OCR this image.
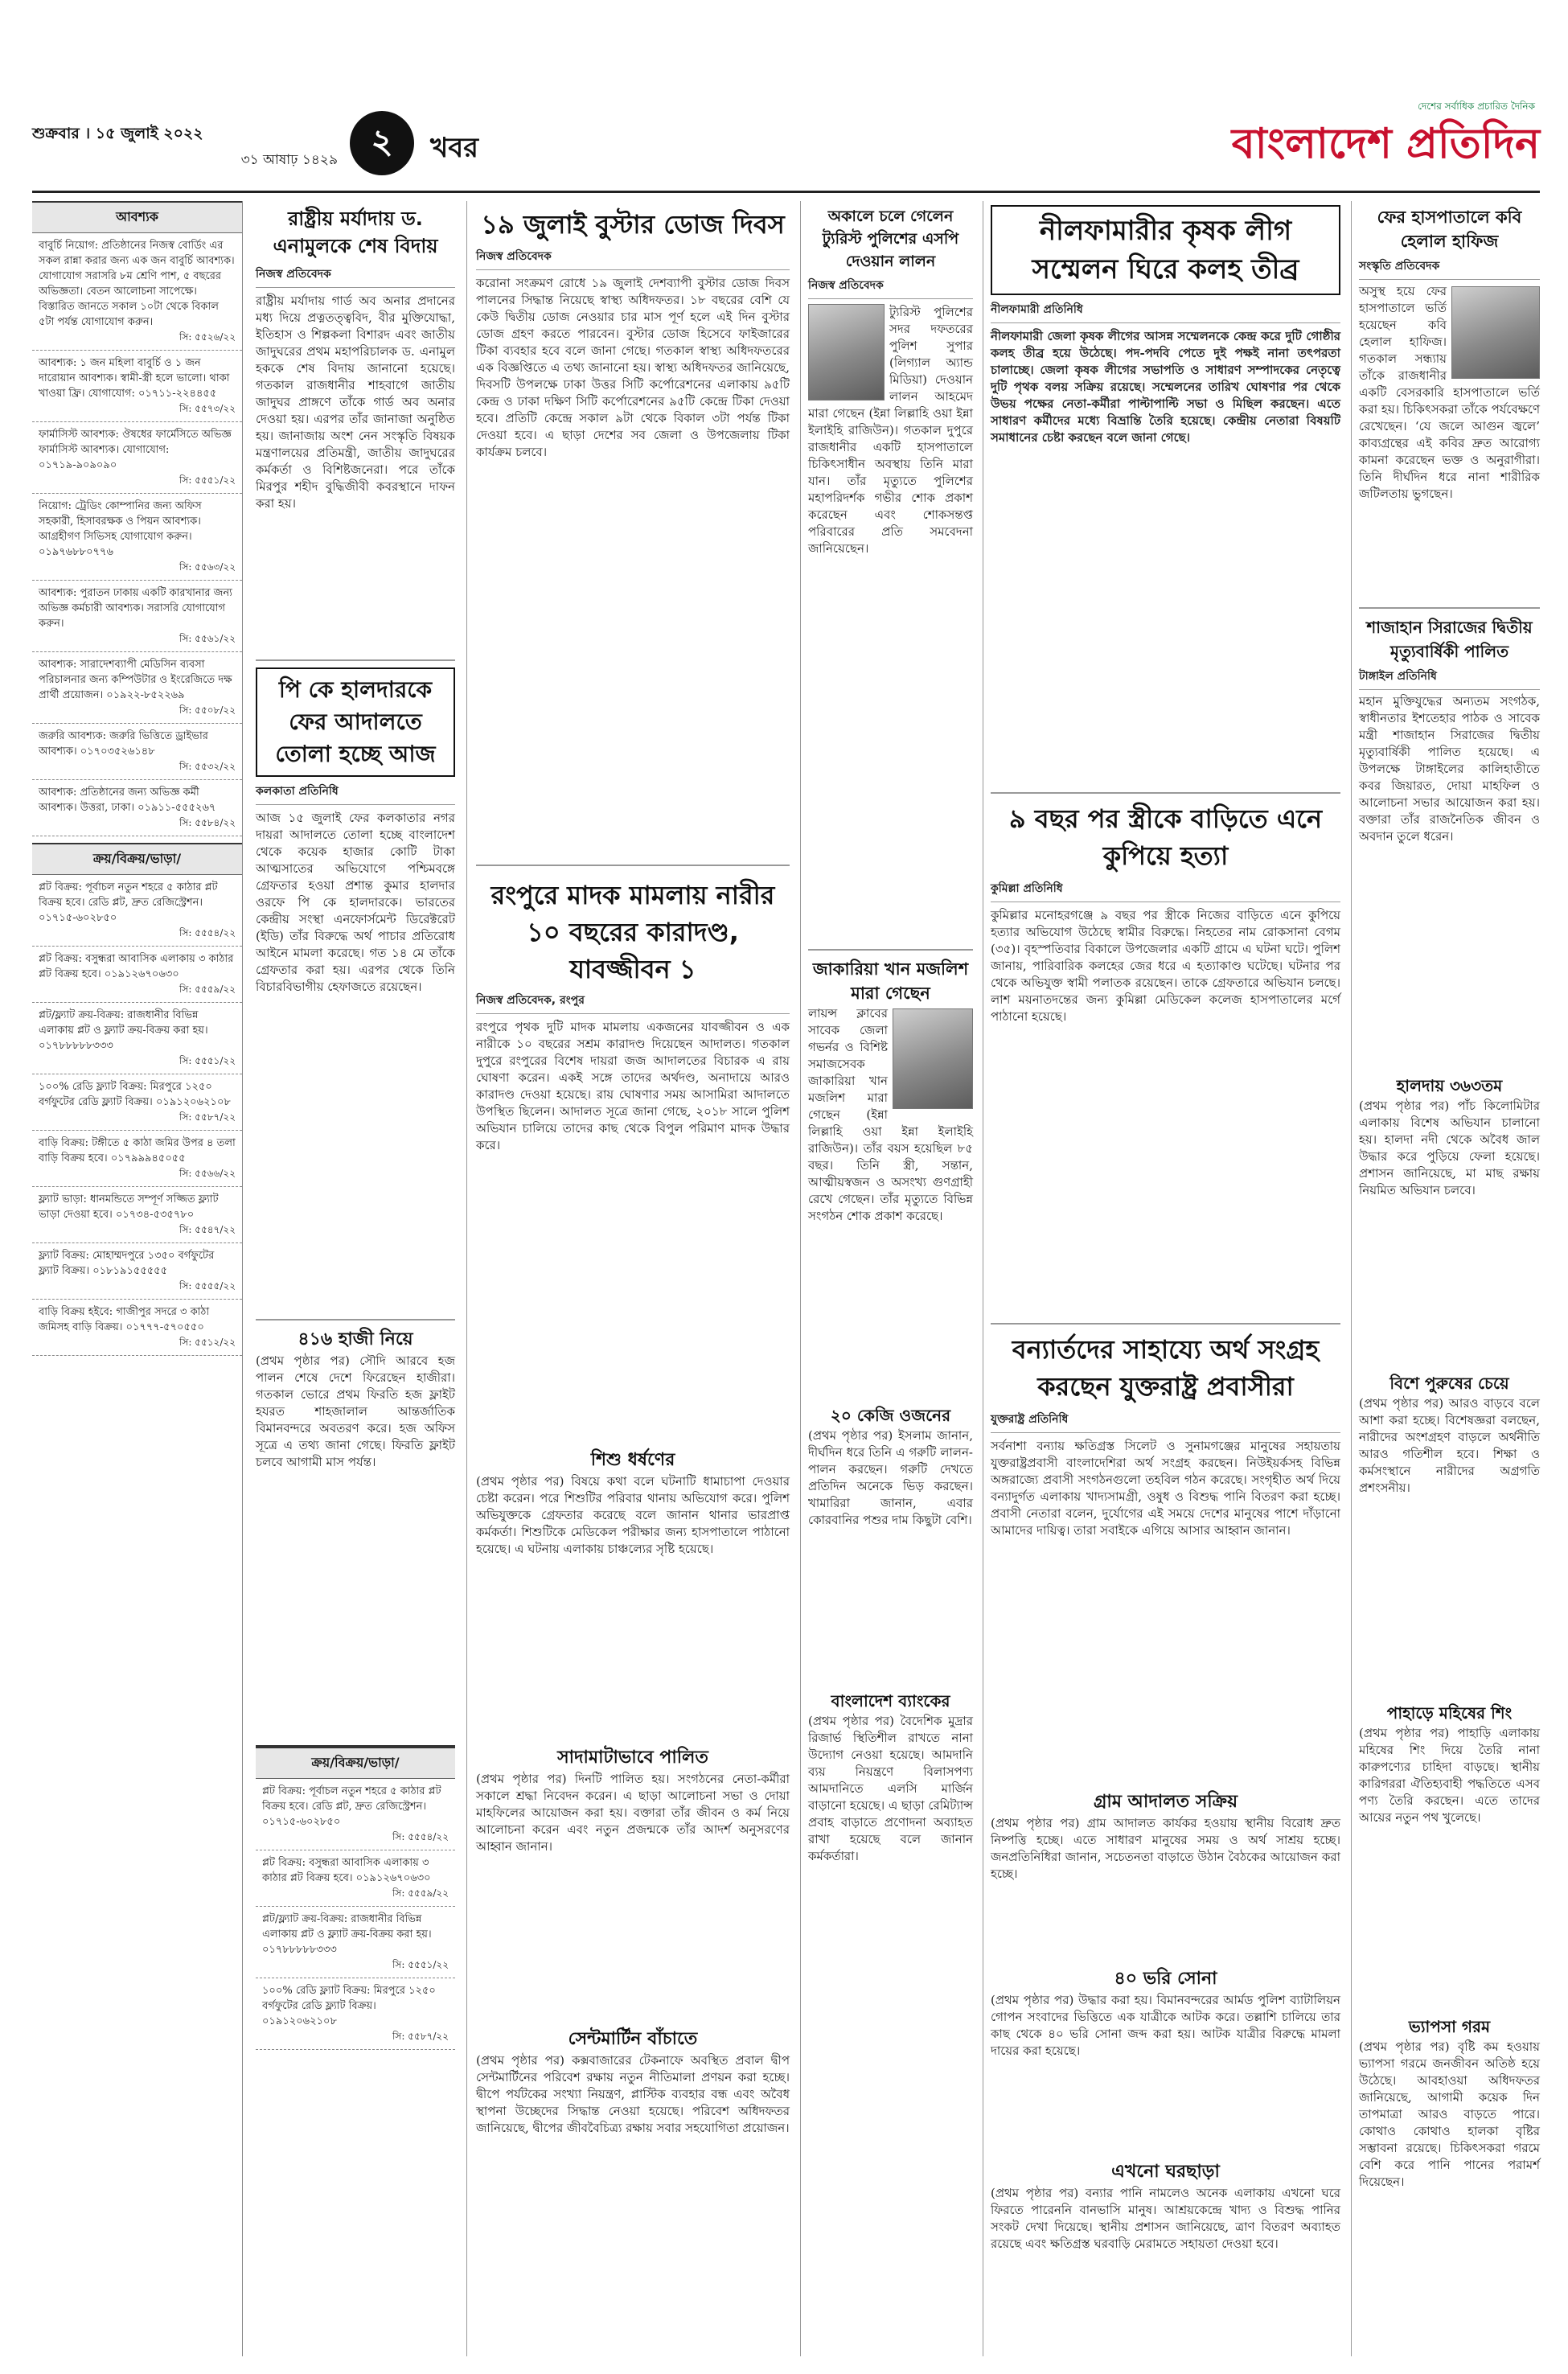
শুক্রবার । ১৫ জুলাই ২০২২
৩১ আষাঢ় ১৪২৯ ২ খবর
দেশের সর্বাধিক প্রচারিত দৈনিক
বাংলাদেশ প্রতিদিন
আবশ্যক
বাবুর্চি নিয়োগ: প্রতিষ্ঠানের নিজস্ব বোর্ডিং এর সকল রান্না করার জন্য এক জন বাবুর্চি আবশ্যক। যোগাযোগ সরাসরি ৮ম শ্রেণি পাশ, ৫ বছরের অভিজ্ঞতা। বেতন আলোচনা সাপেক্ষে। বিস্তারিত জানতে সকাল ১০টা থেকে বিকাল ৫টা পর্যন্ত যোগাযোগ করুন।
সি: ৫৫২৬/২২
আবশ্যক: ১ জন মহিলা বাবুর্চি ও ১ জন দারোয়ান আবশ্যক। স্বামী-স্ত্রী হলে ভালো। থাকা খাওয়া ফ্রি। যোগাযোগ: ০১৭১১-২২৪৪৫৫
সি: ৫৫৭৩/২২
ফার্মাসিস্ট আবশ্যক: ঔষধের ফার্মেসিতে অভিজ্ঞ ফার্মাসিস্ট আবশ্যক। যোগাযোগ: ০১৭১৯-৯০৯০৯০
সি: ৫৫৫১/২২
নিয়োগ: ট্রেডিং কোম্পানির জন্য অফিস সহকারী, হিসাবরক্ষক ও পিয়ন আবশ্যক। আগ্রহীগণ সিভিসহ যোগাযোগ করুন। ০১৯৭৬৮৮০৭৭৬
সি: ৫৫৬৩/২২
আবশ্যক: পুরাতন ঢাকায় একটি কারখানার জন্য অভিজ্ঞ কর্মচারী আবশ্যক। সরাসরি যোগাযোগ করুন।
সি: ৫৫৬১/২২
আবশ্যক: সারাদেশব্যাপী মেডিসিন ব্যবসা পরিচালনার জন্য কম্পিউটার ও ইংরেজিতে দক্ষ প্রার্থী প্রয়োজন। ০১৯২২-৮৫২২৬৯
সি: ৫৫০৮/২২
জরুরি আবশ্যক: জরুরি ভিত্তিতে ড্রাইভার আবশ্যক। ০১৭০৩৫২৬১৪৮
সি: ৫৫৩২/২২
আবশ্যক: প্রতিষ্ঠানের জন্য অভিজ্ঞ কর্মী আবশ্যক। উত্তরা, ঢাকা। ০১৯১১-৫৫৫২৬৭
সি: ৫৫৮৪/২২
ক্রয়/বিক্রয়/ভাড়া/
প্লট বিক্রয়: পূর্বাচল নতুন শহরে ৫ কাঠার প্লট বিক্রয় হবে। রেডি প্লট, দ্রুত রেজিস্ট্রেশন। ০১৭১৫-৬০২৮৫০
সি: ৫৫৫৪/২২
প্লট বিক্রয়: বসুন্ধরা আবাসিক এলাকায় ৩ কাঠার প্লট বিক্রয় হবে। ০১৯১২৬৭০৬৩০
সি: ৫৫৫৯/২২
প্লট/ফ্ল্যাট ক্রয়-বিক্রয়: রাজধানীর বিভিন্ন এলাকায় প্লট ও ফ্ল্যাট ক্রয়-বিক্রয় করা হয়। ০১৭৮৮৮৮৮৩৩৩
সি: ৫৫৫১/২২
১০০% রেডি ফ্ল্যাট বিক্রয়: মিরপুরে ১২৫০ বর্গফুটের রেডি ফ্ল্যাট বিক্রয়। ০১৯১২০৬২১০৮
সি: ৫৫৮৭/২২
বাড়ি বিক্রয়: টঙ্গীতে ৫ কাঠা জমির উপর ৪ তলা বাড়ি বিক্রয় হবে। ০১৭৯৯৯৪৫০৫৫
সি: ৫৫৬৬/২২
ফ্ল্যাট ভাড়া: ধানমন্ডিতে সম্পূর্ণ সজ্জিত ফ্ল্যাট ভাড়া দেওয়া হবে। ০১৭৩৪-৫৩৫৭৮০
সি: ৫৫৪৭/২২
ফ্ল্যাট বিক্রয়: মোহাম্মদপুরে ১৩৫০ বর্গফুটের ফ্ল্যাট বিক্রয়। ০১৮১৯১৫৫৫৫৫
সি: ৫৫৫৫/২২
বাড়ি বিক্রয় হইবে: গাজীপুর সদরে ৩ কাঠা জমিসহ বাড়ি বিক্রয়। ০১৭৭৭-৫৭০৫৫০
সি: ৫৫১২/২২
রাষ্ট্রীয় মর্যাদায় ড. এনামুলকে শেষ বিদায়
নিজস্ব প্রতিবেদক
রাষ্ট্রীয় মর্যাদায় গার্ড অব অনার প্রদানের মধ্য দিয়ে প্রত্নতত্ত্ববিদ, বীর মুক্তিযোদ্ধা, ইতিহাস ও শিল্পকলা বিশারদ এবং জাতীয় জাদুঘরের প্রথম মহাপরিচালক ড. এনামুল হককে শেষ বিদায় জানানো হয়েছে। গতকাল রাজধানীর শাহবাগে জাতীয় জাদুঘর প্রাঙ্গণে তাঁকে গার্ড অব অনার দেওয়া হয়। এরপর তাঁর জানাজা অনুষ্ঠিত হয়। জানাজায় অংশ নেন সংস্কৃতি বিষয়ক মন্ত্রণালয়ের প্রতিমন্ত্রী, জাতীয় জাদুঘরের কর্মকর্তা ও বিশিষ্টজনেরা। পরে তাঁকে মিরপুর শহীদ বুদ্ধিজীবী কবরস্থানে দাফন করা হয়।
পি কে হালদারকে ফের আদালতে তোলা হচ্ছে আজ
কলকাতা প্রতিনিধি
আজ ১৫ জুলাই ফের কলকাতার নগর দায়রা আদালতে তোলা হচ্ছে বাংলাদেশ থেকে কয়েক হাজার কোটি টাকা আত্মসাতের অভিযোগে পশ্চিমবঙ্গে গ্রেফতার হওয়া প্রশান্ত কুমার হালদার ওরফে পি কে হালদারকে। ভারতের কেন্দ্রীয় সংস্থা এনফোর্সমেন্ট ডিরেক্টরেট (ইডি) তাঁর বিরুদ্ধে অর্থ পাচার প্রতিরোধ আইনে মামলা করেছে। গত ১৪ মে তাঁকে গ্রেফতার করা হয়। এরপর থেকে তিনি বিচারবিভাগীয় হেফাজতে রয়েছেন।
৪১৬ হাজী নিয়ে
(প্রথম পৃষ্ঠার পর) সৌদি আরবে হজ পালন শেষে দেশে ফিরেছেন হাজীরা। গতকাল ভোরে প্রথম ফিরতি হজ ফ্লাইট হযরত শাহজালাল আন্তর্জাতিক বিমানবন্দরে অবতরণ করে। হজ অফিস সূত্রে এ তথ্য জানা গেছে। ফিরতি ফ্লাইট চলবে আগামী মাস পর্যন্ত।
ক্রয়/বিক্রয়/ভাড়া/
প্লট বিক্রয়: পূর্বাচল নতুন শহরে ৫ কাঠার প্লট বিক্রয় হবে। রেডি প্লট, দ্রুত রেজিস্ট্রেশন। ০১৭১৫-৬০২৮৫০
সি: ৫৫৫৪/২২
প্লট বিক্রয়: বসুন্ধরা আবাসিক এলাকায় ৩ কাঠার প্লট বিক্রয় হবে। ০১৯১২৬৭০৬৩০
সি: ৫৫৫৯/২২
প্লট/ফ্ল্যাট ক্রয়-বিক্রয়: রাজধানীর বিভিন্ন এলাকায় প্লট ও ফ্ল্যাট ক্রয়-বিক্রয় করা হয়। ০১৭৮৮৮৮৮৩৩৩
সি: ৫৫৫১/২২
১০০% রেডি ফ্ল্যাট বিক্রয়: মিরপুরে ১২৫০ বর্গফুটের রেডি ফ্ল্যাট বিক্রয়। ০১৯১২০৬২১০৮
সি: ৫৫৮৭/২২
১৯ জুলাই বুস্টার ডোজ দিবস
নিজস্ব প্রতিবেদক
করোনা সংক্রমণ রোধে ১৯ জুলাই দেশব্যাপী বুস্টার ডোজ দিবস পালনের সিদ্ধান্ত নিয়েছে স্বাস্থ্য অধিদফতর। ১৮ বছরের বেশি যে কেউ দ্বিতীয় ডোজ নেওয়ার চার মাস পূর্ণ হলে এই দিন বুস্টার ডোজ গ্রহণ করতে পারবেন। বুস্টার ডোজ হিসেবে ফাইজারের টিকা ব্যবহার হবে বলে জানা গেছে। গতকাল স্বাস্থ্য অধিদফতরের এক বিজ্ঞপ্তিতে এ তথ্য জানানো হয়। স্বাস্থ্য অধিদফতর জানিয়েছে, দিবসটি উপলক্ষে ঢাকা উত্তর সিটি কর্পোরেশনের এলাকায় ৯৫টি কেন্দ্র ও ঢাকা দক্ষিণ সিটি কর্পোরেশনের ৯৫টি কেন্দ্রে টিকা দেওয়া হবে। প্রতিটি কেন্দ্রে সকাল ৯টা থেকে বিকাল ৩টা পর্যন্ত টিকা দেওয়া হবে। এ ছাড়া দেশের সব জেলা ও উপজেলায় টিকা কার্যক্রম চলবে।
রংপুরে মাদক মামলায় নারীর ১০ বছরের কারাদণ্ড, যাবজ্জীবন ১
নিজস্ব প্রতিবেদক, রংপুর
রংপুরে পৃথক দুটি মাদক মামলায় একজনের যাবজ্জীবন ও এক নারীকে ১০ বছরের সশ্রম কারাদণ্ড দিয়েছেন আদালত। গতকাল দুপুরে রংপুরের বিশেষ দায়রা জজ আদালতের বিচারক এ রায় ঘোষণা করেন। একই সঙ্গে তাদের অর্থদণ্ড, অনাদায়ে আরও কারাদণ্ড দেওয়া হয়েছে। রায় ঘোষণার সময় আসামিরা আদালতে উপস্থিত ছিলেন। আদালত সূত্রে জানা গেছে, ২০১৮ সালে পুলিশ অভিযান চালিয়ে তাদের কাছ থেকে বিপুল পরিমাণ মাদক উদ্ধার করে।
শিশু ধর্ষণের
(প্রথম পৃষ্ঠার পর) বিষয়ে কথা বলে ঘটনাটি ধামাচাপা দেওয়ার চেষ্টা করেন। পরে শিশুটির পরিবার থানায় অভিযোগ করে। পুলিশ অভিযুক্তকে গ্রেফতার করেছে বলে জানান থানার ভারপ্রাপ্ত কর্মকর্তা। শিশুটিকে মেডিকেল পরীক্ষার জন্য হাসপাতালে পাঠানো হয়েছে। এ ঘটনায় এলাকায় চাঞ্চল্যের সৃষ্টি হয়েছে।
সাদামাটাভাবে পালিত
(প্রথম পৃষ্ঠার পর) দিনটি পালিত হয়। সংগঠনের নেতা-কর্মীরা সকালে শ্রদ্ধা নিবেদন করেন। এ ছাড়া আলোচনা সভা ও দোয়া মাহফিলের আয়োজন করা হয়। বক্তারা তাঁর জীবন ও কর্ম নিয়ে আলোচনা করেন এবং নতুন প্রজন্মকে তাঁর আদর্শ অনুসরণের আহ্বান জানান।
সেন্টমার্টিন বাঁচাতে
(প্রথম পৃষ্ঠার পর) কক্সবাজারের টেকনাফে অবস্থিত প্রবাল দ্বীপ সেন্টমার্টিনের পরিবেশ রক্ষায় নতুন নীতিমালা প্রণয়ন করা হচ্ছে। দ্বীপে পর্যটকের সংখ্যা নিয়ন্ত্রণ, প্লাস্টিক ব্যবহার বন্ধ এবং অবৈধ স্থাপনা উচ্ছেদের সিদ্ধান্ত নেওয়া হয়েছে। পরিবেশ অধিদফতর জানিয়েছে, দ্বীপের জীববৈচিত্র্য রক্ষায় সবার সহযোগিতা প্রয়োজন।
অকালে চলে গেলেন ট্যুরিস্ট পুলিশের এসপি দেওয়ান লালন
নিজস্ব প্রতিবেদক
ট্যুরিস্ট পুলিশের সদর দফতরের পুলিশ সুপার (লিগ্যাল অ্যান্ড মিডিয়া) দেওয়ান লালন আহমেদ মারা গেছেন (ইন্না লিল্লাহি ওয়া ইন্না ইলাইহি রাজিউন)। গতকাল দুপুরে রাজধানীর একটি হাসপাতালে চিকিৎসাধীন অবস্থায় তিনি মারা যান। তাঁর মৃত্যুতে পুলিশের মহাপরিদর্শক গভীর শোক প্রকাশ করেছেন এবং শোকসন্তপ্ত পরিবারের প্রতি সমবেদনা জানিয়েছেন।
জাকারিয়া খান মজলিশ মারা গেছেন
লায়ন্স ক্লাবের সাবেক জেলা গভর্নর ও বিশিষ্ট সমাজসেবক জাকারিয়া খান মজলিশ মারা গেছেন (ইন্না লিল্লাহি ওয়া ইন্না ইলাইহি রাজিউন)। তাঁর বয়স হয়েছিল ৮৫ বছর। তিনি স্ত্রী, সন্তান, আত্মীয়স্বজন ও অসংখ্য গুণগ্রাহী রেখে গেছেন। তাঁর মৃত্যুতে বিভিন্ন সংগঠন শোক প্রকাশ করেছে।
২০ কেজি ওজনের
(প্রথম পৃষ্ঠার পর) ইসলাম জানান, দীর্ঘদিন ধরে তিনি এ গরুটি লালন-পালন করছেন। গরুটি দেখতে প্রতিদিন অনেকে ভিড় করছেন। খামারিরা জানান, এবার কোরবানির পশুর দাম কিছুটা বেশি।
বাংলাদেশ ব্যাংকের
(প্রথম পৃষ্ঠার পর) বৈদেশিক মুদ্রার রিজার্ভ স্থিতিশীল রাখতে নানা উদ্যোগ নেওয়া হয়েছে। আমদানি ব্যয় নিয়ন্ত্রণে বিলাসপণ্য আমদানিতে এলসি মার্জিন বাড়ানো হয়েছে। এ ছাড়া রেমিট্যান্স প্রবাহ বাড়াতে প্রণোদনা অব্যাহত রাখা হয়েছে বলে জানান কর্মকর্তারা।
নীলফামারীর কৃষক লীগ সম্মেলন ঘিরে কলহ তীব্র
নীলফামারী প্রতিনিধি
নীলফামারী জেলা কৃষক লীগের আসন্ন সম্মেলনকে কেন্দ্র করে দুটি গোষ্ঠীর কলহ তীব্র হয়ে উঠেছে। পদ-পদবি পেতে দুই পক্ষই নানা তৎপরতা চালাচ্ছে। জেলা কৃষক লীগের সভাপতি ও সাধারণ সম্পাদকের নেতৃত্বে দুটি পৃথক বলয় সক্রিয় রয়েছে। সম্মেলনের তারিখ ঘোষণার পর থেকে উভয় পক্ষের নেতা-কর্মীরা পাল্টাপাল্টি সভা ও মিছিল করছেন। এতে সাধারণ কর্মীদের মধ্যে বিভ্রান্তি তৈরি হয়েছে। কেন্দ্রীয় নেতারা বিষয়টি সমাধানের চেষ্টা করছেন বলে জানা গেছে।
৯ বছর পর স্ত্রীকে বাড়িতে এনে কুপিয়ে হত্যা
কুমিল্লা প্রতিনিধি
কুমিল্লার মনোহরগঞ্জে ৯ বছর পর স্ত্রীকে নিজের বাড়িতে এনে কুপিয়ে হত্যার অভিযোগ উঠেছে স্বামীর বিরুদ্ধে। নিহতের নাম রোকসানা বেগম (৩৫)। বৃহস্পতিবার বিকালে উপজেলার একটি গ্রামে এ ঘটনা ঘটে। পুলিশ জানায়, পারিবারিক কলহের জের ধরে এ হত্যাকাণ্ড ঘটেছে। ঘটনার পর থেকে অভিযুক্ত স্বামী পলাতক রয়েছেন। তাকে গ্রেফতারে অভিযান চলছে। লাশ ময়নাতদন্তের জন্য কুমিল্লা মেডিকেল কলেজ হাসপাতালের মর্গে পাঠানো হয়েছে।
বন্যার্তদের সাহায্যে অর্থ সংগ্রহ করছেন যুক্তরাষ্ট্র প্রবাসীরা
যুক্তরাষ্ট্র প্রতিনিধি
সর্বনাশা বন্যায় ক্ষতিগ্রস্ত সিলেট ও সুনামগঞ্জের মানুষের সহায়তায় যুক্তরাষ্ট্রপ্রবাসী বাংলাদেশিরা অর্থ সংগ্রহ করছেন। নিউইয়র্কসহ বিভিন্ন অঙ্গরাজ্যে প্রবাসী সংগঠনগুলো তহবিল গঠন করেছে। সংগৃহীত অর্থ দিয়ে বন্যাদুর্গত এলাকায় খাদ্যসামগ্রী, ওষুধ ও বিশুদ্ধ পানি বিতরণ করা হচ্ছে। প্রবাসী নেতারা বলেন, দুর্যোগের এই সময়ে দেশের মানুষের পাশে দাঁড়ানো আমাদের দায়িত্ব। তারা সবাইকে এগিয়ে আসার আহ্বান জানান।
গ্রাম আদালত সক্রিয়
(প্রথম পৃষ্ঠার পর) গ্রাম আদালত কার্যকর হওয়ায় স্থানীয় বিরোধ দ্রুত নিষ্পত্তি হচ্ছে। এতে সাধারণ মানুষের সময় ও অর্থ সাশ্রয় হচ্ছে। জনপ্রতিনিধিরা জানান, সচেতনতা বাড়াতে উঠান বৈঠকের আয়োজন করা হচ্ছে।
৪০ ভরি সোনা
(প্রথম পৃষ্ঠার পর) উদ্ধার করা হয়। বিমানবন্দরের আর্মড পুলিশ ব্যাটালিয়ন গোপন সংবাদের ভিত্তিতে এক যাত্রীকে আটক করে। তল্লাশি চালিয়ে তার কাছ থেকে ৪০ ভরি সোনা জব্দ করা হয়। আটক যাত্রীর বিরুদ্ধে মামলা দায়ের করা হয়েছে।
এখনো ঘরছাড়া
(প্রথম পৃষ্ঠার পর) বন্যার পানি নামলেও অনেক এলাকায় এখনো ঘরে ফিরতে পারেননি বানভাসি মানুষ। আশ্রয়কেন্দ্রে খাদ্য ও বিশুদ্ধ পানির সংকট দেখা দিয়েছে। স্থানীয় প্রশাসন জানিয়েছে, ত্রাণ বিতরণ অব্যাহত রয়েছে এবং ক্ষতিগ্রস্ত ঘরবাড়ি মেরামতে সহায়তা দেওয়া হবে।
ফের হাসপাতালে কবি হেলাল হাফিজ
সংস্কৃতি প্রতিবেদক
অসুস্থ হয়ে ফের হাসপাতালে ভর্তি হয়েছেন কবি হেলাল হাফিজ। গতকাল সন্ধ্যায় তাঁকে রাজধানীর একটি বেসরকারি হাসপাতালে ভর্তি করা হয়। চিকিৎসকরা তাঁকে পর্যবেক্ষণে রেখেছেন। ‘যে জলে আগুন জ্বলে’ কাব্যগ্রন্থের এই কবির দ্রুত আরোগ্য কামনা করেছেন ভক্ত ও অনুরাগীরা। তিনি দীর্ঘদিন ধরে নানা শারীরিক জটিলতায় ভুগছেন।
শাজাহান সিরাজের দ্বিতীয় মৃত্যুবার্ষিকী পালিত
টাঙ্গাইল প্রতিনিধি
মহান মুক্তিযুদ্ধের অন্যতম সংগঠক, স্বাধীনতার ইশতেহার পাঠক ও সাবেক মন্ত্রী শাজাহান সিরাজের দ্বিতীয় মৃত্যুবার্ষিকী পালিত হয়েছে। এ উপলক্ষে টাঙ্গাইলের কালিহাতীতে কবর জিয়ারত, দোয়া মাহফিল ও আলোচনা সভার আয়োজন করা হয়। বক্তারা তাঁর রাজনৈতিক জীবন ও অবদান তুলে ধরেন।
হালদায় ৩৬৩তম
(প্রথম পৃষ্ঠার পর) পাঁচ কিলোমিটার এলাকায় বিশেষ অভিযান চালানো হয়। হালদা নদী থেকে অবৈধ জাল উদ্ধার করে পুড়িয়ে ফেলা হয়েছে। প্রশাসন জানিয়েছে, মা মাছ রক্ষায় নিয়মিত অভিযান চলবে।
বিশে পুরুষের চেয়ে
(প্রথম পৃষ্ঠার পর) আরও বাড়বে বলে আশা করা হচ্ছে। বিশেষজ্ঞরা বলছেন, নারীদের অংশগ্রহণ বাড়লে অর্থনীতি আরও গতিশীল হবে। শিক্ষা ও কর্মসংস্থানে নারীদের অগ্রগতি প্রশংসনীয়।
পাহাড়ে মহিষের শিং
(প্রথম পৃষ্ঠার পর) পাহাড়ি এলাকায় মহিষের শিং দিয়ে তৈরি নানা কারুপণ্যের চাহিদা বাড়ছে। স্থানীয় কারিগররা ঐতিহ্যবাহী পদ্ধতিতে এসব পণ্য তৈরি করছেন। এতে তাদের আয়ের নতুন পথ খুলেছে।
ভ্যাপসা গরম
(প্রথম পৃষ্ঠার পর) বৃষ্টি কম হওয়ায় ভ্যাপসা গরমে জনজীবন অতিষ্ঠ হয়ে উঠেছে। আবহাওয়া অধিদফতর জানিয়েছে, আগামী কয়েক দিন তাপমাত্রা আরও বাড়তে পারে। কোথাও কোথাও হালকা বৃষ্টির সম্ভাবনা রয়েছে। চিকিৎসকরা গরমে বেশি করে পানি পানের পরামর্শ দিয়েছেন।
